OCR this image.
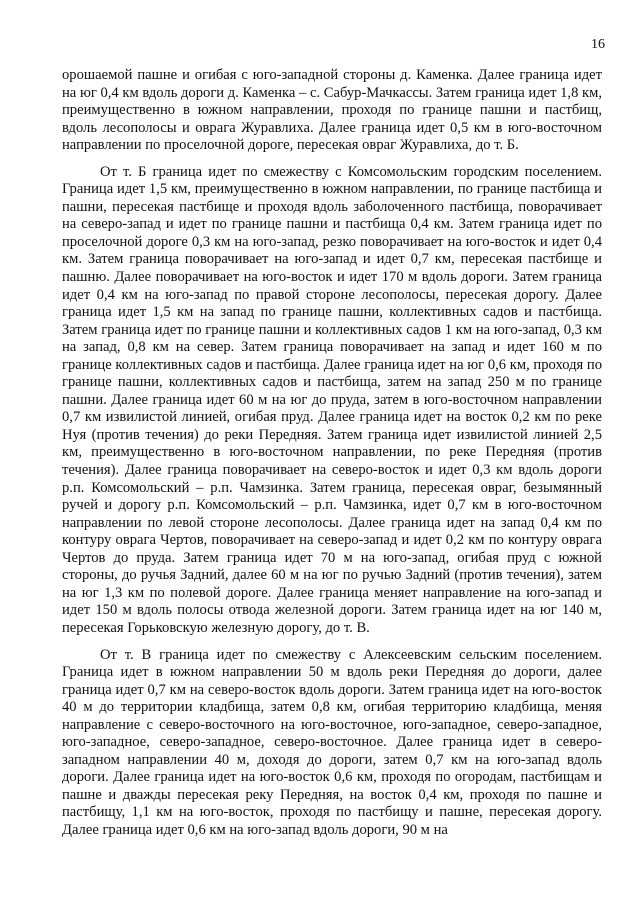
16

орошаемой пашне и огибая с юго-западной стороны д. Каменка. Далее граница идет на юг 0,4 км вдоль дороги д. Каменка – с. Сабур-Мачкассы. Затем граница идет 1,8 км, преимущественно в южном направлении, проходя по границе пашни и пастбищ, вдоль лесополосы и оврага Журавлиха. Далее граница идет 0,5 км в юго-восточном направлении по проселочной дороге, пересекая овраг Журавлиха, до т. Б.

От т. Б граница идет по смежеству с Комсомольским городским поселением. Граница идет 1,5 км, преимущественно в южном направлении, по границе пастбища и пашни, пересекая пастбище и проходя вдоль заболоченного пастбища, поворачивает на северо-запад и идет по границе пашни и пастбища 0,4 км. Затем граница идет по проселочной дороге 0,3 км на юго-запад, резко поворачивает на юго-восток и идет 0,4 км. Затем граница поворачивает на юго-запад и идет 0,7 км, пересекая пастбище и пашню. Далее поворачивает на юго-восток и идет 170 м вдоль дороги. Затем граница идет 0,4 км на юго-запад по правой стороне лесополосы, пересекая дорогу. Далее граница идет 1,5 км на запад по границе пашни, коллективных садов и пастбища. Затем граница идет по границе пашни и коллективных садов 1 км на юго-запад, 0,3 км на запад, 0,8 км на север. Затем граница поворачивает на запад и идет 160 м по границе коллективных садов и пастбища. Далее граница идет на юг 0,6 км, проходя по границе пашни, коллективных садов и пастбища, затем на запад 250 м по границе пашни. Далее граница идет 60 м на юг до пруда, затем в юго-восточном направлении 0,7 км извилистой линией, огибая пруд. Далее граница идет на восток 0,2 км по реке Нуя (против течения) до реки Передняя. Затем граница идет извилистой линией 2,5 км, преимущественно в юго-восточном направлении, по реке Передняя (против течения). Далее граница поворачивает на северо-восток и идет 0,3 км вдоль дороги р.п. Комсомольский – р.п. Чамзинка. Затем граница, пересекая овраг, безымянный ручей и дорогу р.п. Комсомольский – р.п. Чамзинка, идет 0,7 км в юго-восточном направлении по левой стороне лесополосы. Далее граница идет на запад 0,4 км по контуру оврага Чертов, поворачивает на северо-запад и идет 0,2 км по контуру оврага Чертов до пруда. Затем граница идет 70 м на юго-запад, огибая пруд с южной стороны, до ручья Задний, далее 60 м на юг по ручью Задний (против течения), затем на юг 1,3 км по полевой дороге. Далее граница меняет направление на юго-запад и идет 150 м вдоль полосы отвода железной дороги. Затем граница идет на юг 140 м, пересекая Горьковскую железную дорогу, до т. В.

От т. В граница идет по смежеству с Алексеевским сельским поселением. Граница идет в южном направлении 50 м вдоль реки Передняя до дороги, далее граница идет 0,7 км на северо-восток вдоль дороги. Затем граница идет на юго-восток 40 м до территории кладбища, затем 0,8 км, огибая территорию кладбища, меняя направление с северо-восточного на юго-восточное, юго-западное, северо-западное, юго-западное, северо-западное, северо-восточное. Далее граница идет в северо-западном направлении 40 м, доходя до дороги, затем 0,7 км на юго-запад вдоль дороги. Далее граница идет на юго-восток 0,6 км, проходя по огородам, пастбищам и пашне и дважды пересекая реку Передняя, на восток 0,4 км, проходя по пашне и пастбищу, 1,1 км на юго-восток, проходя по пастбищу и пашне, пересекая дорогу. Далее граница идет 0,6 км на юго-запад вдоль дороги, 90 м на
